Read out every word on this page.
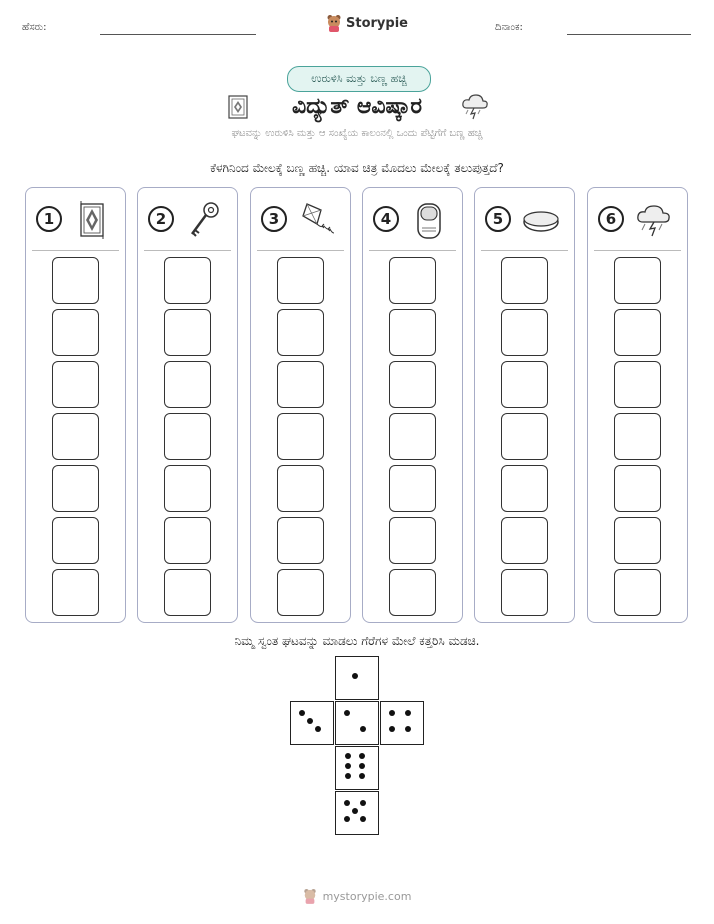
ಹೆಸರು:	Storypie	ದಿನಾಂಕ:
ಉರುಳಿಸಿ ಮತ್ತು ಬಣ್ಣ ಹಚ್ಚಿ
ವಿದ್ಯುತ್ ಆವಿಷ್ಕಾರ
ಘಟವನ್ನು ಉರುಳಿಸಿ ಮತ್ತು ಆ ಸಂಖ್ಯೆಯ ಕಾಲಂನಲ್ಲಿ ಒಂದು ಪೆಟ್ಟಿಗೆಗೆ ಬಣ್ಣ ಹಚ್ಚಿ
ಕೆಳಗಿನಿಂದ ಮೇಲಕ್ಕೆ ಬಣ್ಣ ಹಚ್ಚಿ. ಯಾವ ಚಿತ್ರ ಮೊದಲು ಮೇಲಕ್ಕೆ ತಲುಪುತ್ತದೆ?
1	2	3	4	5	6
ನಿಮ್ಮ ಸ್ವಂತ ಘಟವನ್ನು ಮಾಡಲು ಗೆರೆಗಳ ಮೇಲೆ ಕತ್ತರಿಸಿ ಮಡಚಿ.
mystorypie.com
